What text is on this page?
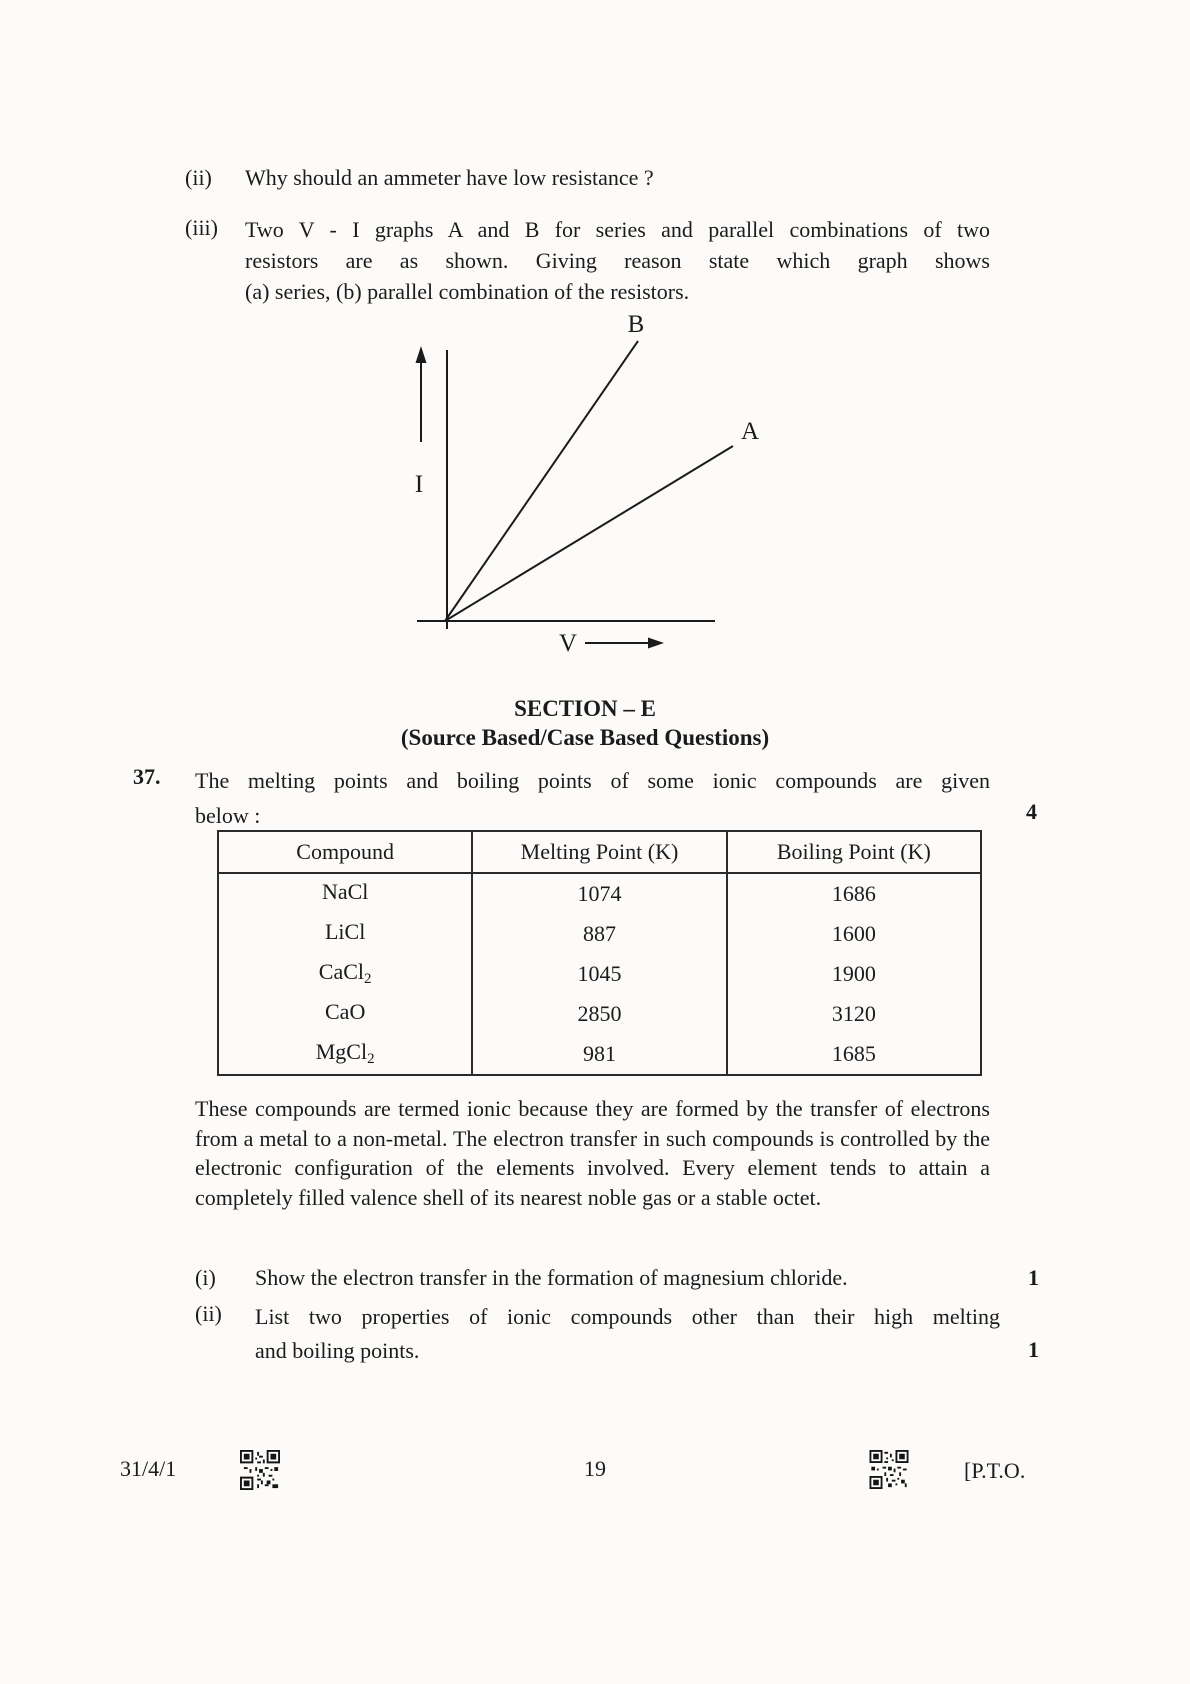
(ii)	Why should an ammeter have low resistance ?
(iii)	Two V - I graphs A and B for series and parallel combinations of two
resistors are as shown. Giving reason state which graph shows
(a) series, (b) parallel combination of the resistors.
B
A
I
V
SECTION – E
(Source Based/Case Based Questions)
37. The melting points and boiling points of some ionic compounds are given
below :	4
Compound	Melting Point (K)	Boiling Point (K)
NaCl	1074	1686
LiCl	887	1600
CaCl$_2$	1045	1900
CaO	2850	3120
MgCl$_2$	981	1685
These compounds are termed ionic because they are formed by the transfer of electrons from a metal to a non-metal. The electron transfer in such compounds is controlled by the electronic configuration of the elements involved. Every element tends to attain a completely filled valence shell of its nearest noble gas or a stable octet.
(i)	Show the electron transfer in the formation of magnesium chloride.	1
(ii)	List two properties of ionic compounds other than their high melting
and boiling points.	1
31/4/1	19	[P.T.O.
